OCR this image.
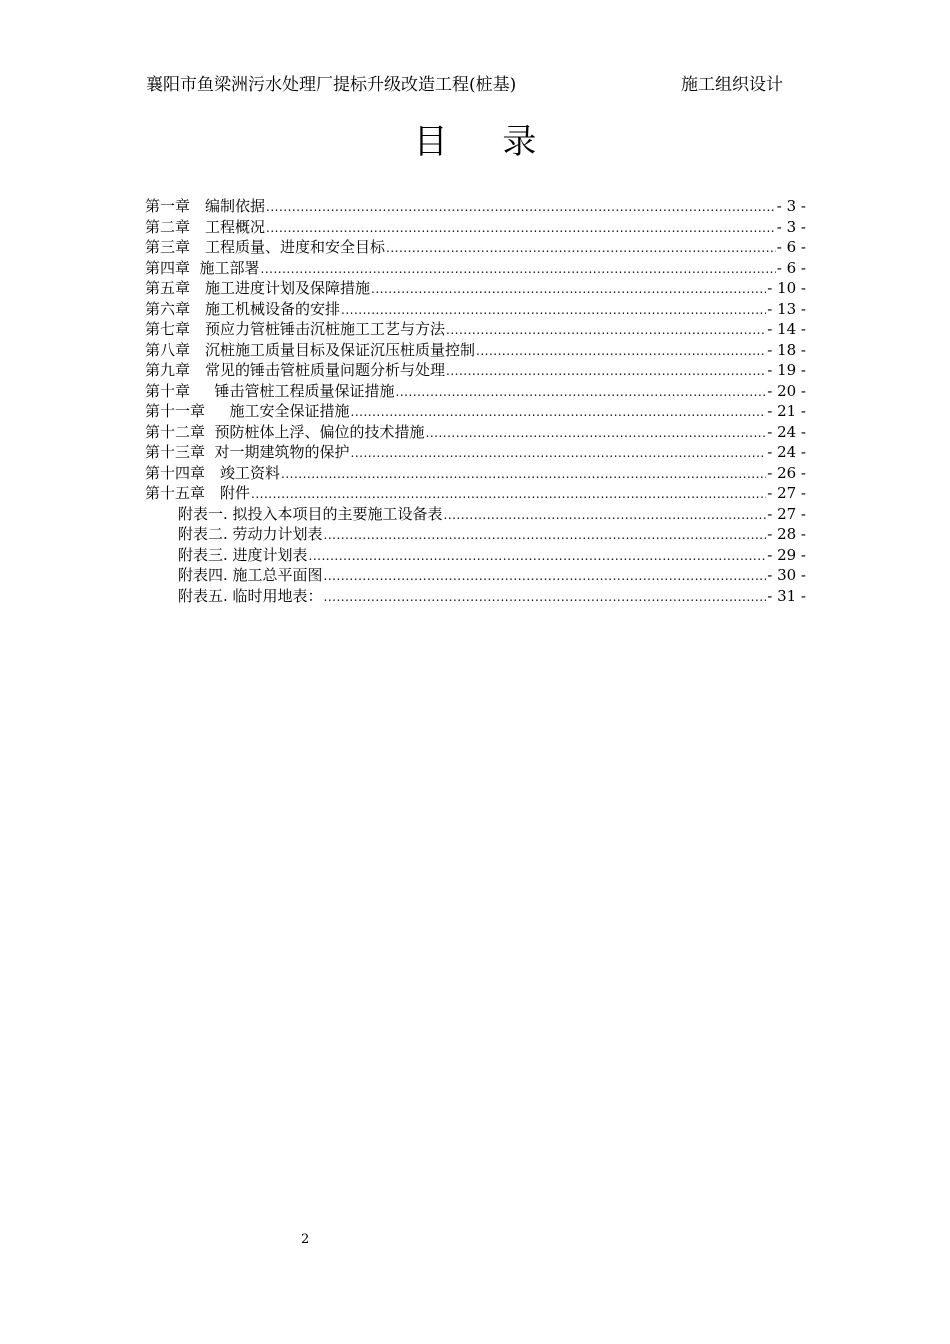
襄阳市鱼梁洲污水处理厂提标升级改造工程(桩基)	施工组织设计
目 录
第一章　编制依据 .....	- 3 -
第二章　工程概况 .....	- 3 -
第三章　工程质量、进度和安全目标 .....	- 6 -
第四章  施工部署 .....	- 6 -
第五章　施工进度计划及保障措施 .....	- 10 -
第六章　施工机械设备的安排 .....	- 13 -
第七章　预应力管桩锤击沉桩施工工艺与方法 .....	- 14 -
第八章　沉桩施工质量目标及保证沉压桩质量控制 .....	- 18 -
第九章　常见的锤击管桩质量问题分析与处理 .....	- 19 -
第十章 　 锤击管桩工程质量保证措施 .....	- 20 -
第十一章 　 施工安全保证措施 .....	- 21 -
第十二章  预防桩体上浮、偏位的技术措施 .....	- 24 -
第十三章  对一期建筑物的保护 .....	- 24 -
第十四章　竣工资料 .....	- 26 -
第十五章　附件 .....	- 27 -
附表一. 拟投入本项目的主要施工设备表 .....	- 27 -
附表二. 劳动力计划表 .....	- 28 -
附表三. 进度计划表 .....	- 29 -
附表四. 施工总平面图 .....	- 30 -
附表五. 临时用地表： .....	- 31 -
2
